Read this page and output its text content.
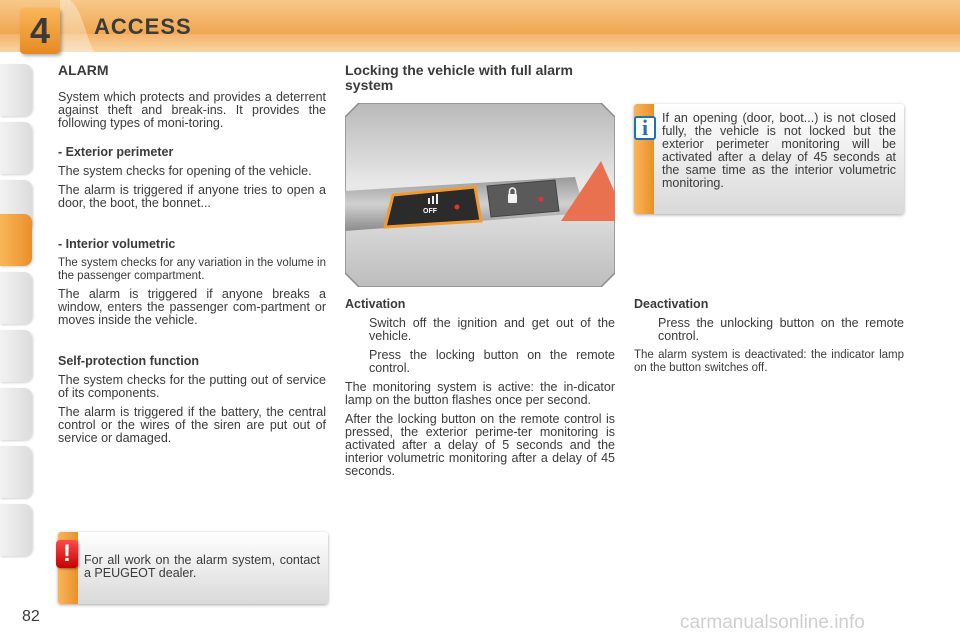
4	ACCESS
ALARM

System which protects and provides a deterrent against theft and break-ins. It provides the following types of moni-toring.

- Exterior perimeter

The system checks for opening of the vehicle.

The alarm is triggered if anyone tries to open a door, the boot, the bonnet...

- Interior volumetric

The system checks for any variation in the volume in the passenger compartment.

The alarm is triggered if anyone breaks a window, enters the passenger com-partment or moves inside the vehicle.

Self-protection function

The system checks for the putting out of service of its components.

The alarm is triggered if the battery, the central control or the wires of the siren are put out of service or damaged.

Locking the vehicle with full alarm system
OFF
Activation
Switch off the ignition and get out of the vehicle.
Press the locking button on the remote control.

The monitoring system is active: the in-dicator lamp on the button flashes once per second.

After the locking button on the remote control is pressed, the exterior perime-ter monitoring is activated after a delay of 5 seconds and the interior volumetric monitoring after a delay of 45 seconds.

i	If an opening (door, boot...) is not closed fully, the vehicle is not locked but the exterior perimeter monitoring will be activated after a delay of 45 seconds at the same time as the interior volumetric monitoring.
Deactivation
Press the unlocking button on the remote control.

The alarm system is deactivated: the indicator lamp on the button switches off.

!	For all work on the alarm system, contact a PEUGEOT dealer.
82	carmanualsonline.info
